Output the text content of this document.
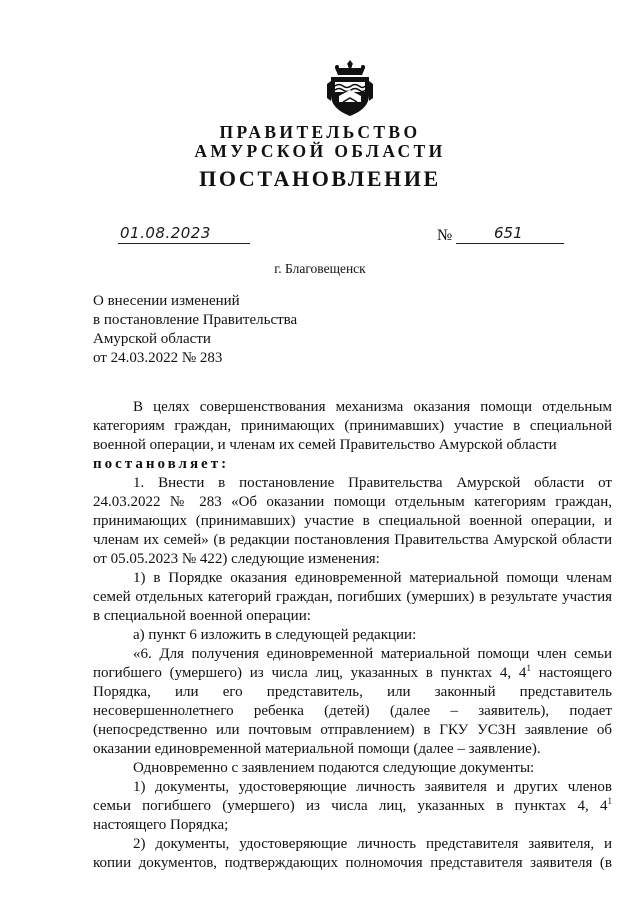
ПРАВИТЕЛЬСТВО
АМУРСКОЙ ОБЛАСТИ
ПОСТАНОВЛЕНИЕ
01.08.2023	№	651
г. Благовещенск
О внесении изменений
в постановление Правительства
Амурской области
от 24.03.2022 № 283
В целях совершенствования механизма оказания помощи отдельным
категориям граждан, принимающих (принимавших) участие в специальной
военной операции, и членам их семей Правительство Амурской области
постановляет:
1. Внести в постановление Правительства Амурской области от
24.03.2022 № 283 «Об оказании помощи отдельным категориям граждан,
принимающих (принимавших) участие в специальной военной операции, и
членам их семей» (в редакции постановления Правительства Амурской области
от 05.05.2023 № 422) следующие изменения:
1) в Порядке оказания единовременной материальной помощи членам
семей отдельных категорий граждан, погибших (умерших) в результате участия
в специальной военной операции:
а) пункт 6 изложить в следующей редакции:
«6. Для получения единовременной материальной помощи член семьи
погибшего (умершего) из числа лиц, указанных в пунктах 4, $4^1$ настоящего
Порядка, или его представитель, или законный представитель
несовершеннолетнего ребенка (детей) (далее – заявитель), подает
(непосредственно или почтовым отправлением) в ГКУ УСЗН заявление об
оказании единовременной материальной помощи (далее – заявление).
Одновременно с заявлением подаются следующие документы:
1) документы, удостоверяющие личность заявителя и других членов
семьи погибшего (умершего) из числа лиц, указанных в пунктах 4, $4^1$
настоящего Порядка;
2) документы, удостоверяющие личность представителя заявителя, и
копии документов, подтверждающих полномочия представителя заявителя (в
